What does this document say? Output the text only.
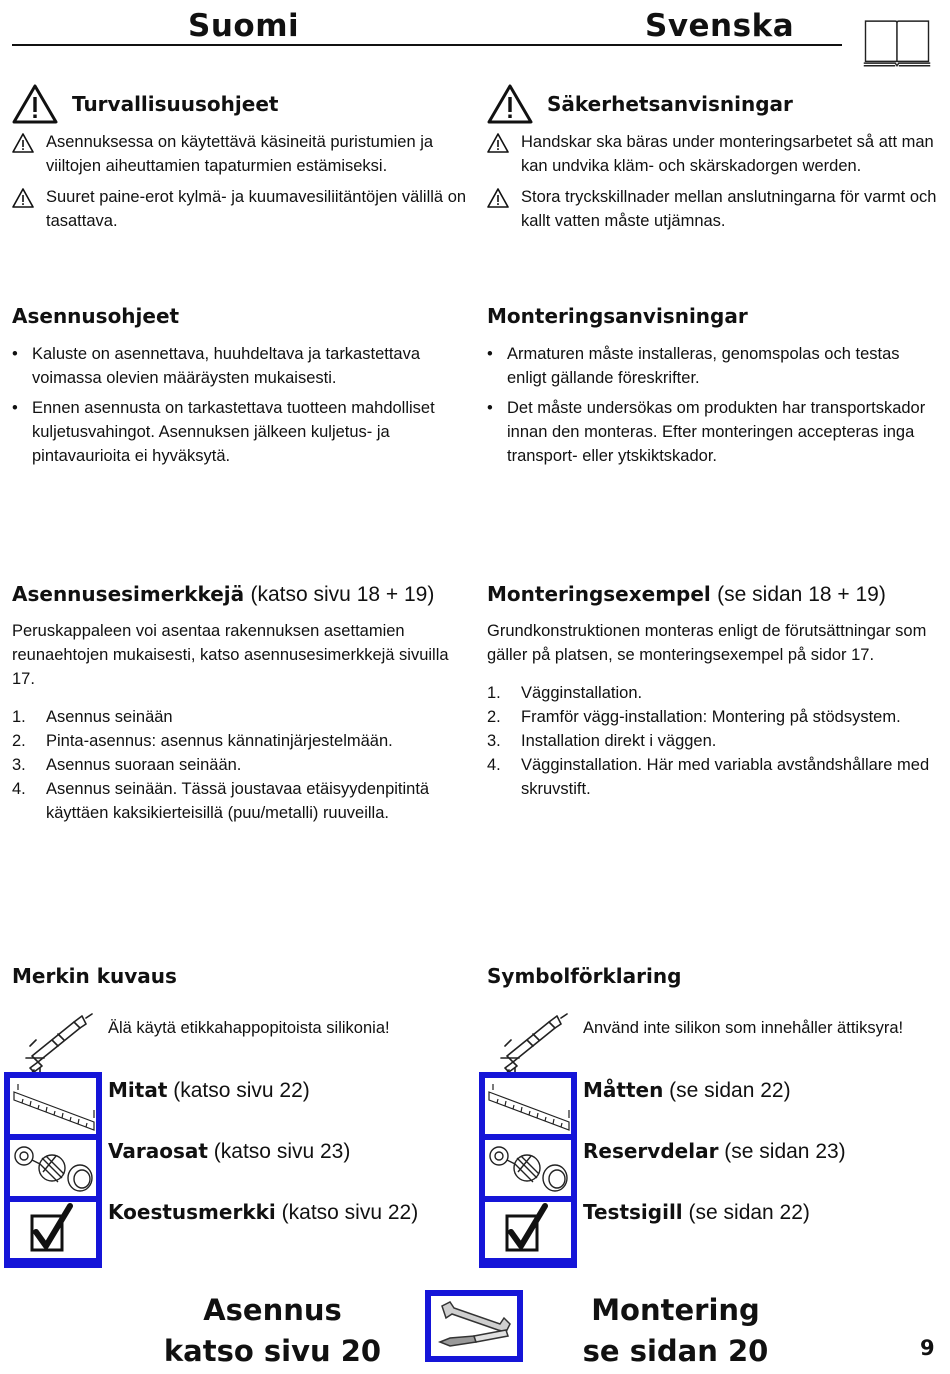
Suomi	Svenska
Turvallisuusohjeet
Asennuksessa on käytettävä käsineitä puristumien ja viiltojen aiheuttamien tapaturmien estämiseksi.
Suuret paine-erot kylmä- ja kuumavesiliitäntöjen välillä on tasattava.
Asennusohjeet
• Kaluste on asennettava, huuhdeltava ja tarkastettava voimassa olevien määräysten mukaisesti.
• Ennen asennusta on tarkastettava tuotteen mahdolliset kuljetusvahingot. Asennuksen jälkeen kuljetus- ja pintavaurioita ei hyväksytä.
Asennusesimerkkejä (katso sivu 18 + 19)
Peruskappaleen voi asentaa rakennuksen asettamien reunaehtojen mukaisesti, katso asennusesimerkkejä sivuilla 17.
1.	Asennus seinään
2.	Pinta-asennus: asennus kännatinjärjestelmään.
3.	Asennus suoraan seinään.
4.	Asennus seinään. Tässä joustavaa etäisyydenpitintä käyttäen kaksikierteisillä (puu/metalli) ruuveilla.
Merkin kuvaus
Älä käytä etikkahappopitoista silikonia!
Mitat (katso sivu 22)
Varaosat (katso sivu 23)
Koestusmerkki (katso sivu 22)
Asennus
katso sivu 20
Säkerhetsanvisningar
Handskar ska bäras under monteringsarbetet så att man kan undvika kläm- och skärskadorgen werden.
Stora tryckskillnader mellan anslutningarna för varmt och kallt vatten måste utjämnas.
Monteringsanvisningar
• Armaturen måste installeras, genomspolas och testas enligt gällande föreskrifter.
• Det måste undersökas om produkten har transportskador innan den monteras. Efter monteringen accepteras inga transport- eller ytskiktskador.
Monteringsexempel (se sidan 18 + 19)
Grundkonstruktionen monteras enligt de förutsättningar som gäller på platsen, se monteringsexempel på sidor 17.
1.	Vägginstallation.
2.	Framför vägg-installation: Montering på stödsystem.
3.	Installation direkt i väggen.
4.	Vägginstallation. Här med variabla avståndshållare med skruvstift.
Symbolförklaring
Använd inte silikon som innehåller ättiksyra!
Måtten (se sidan 22)
Reservdelar (se sidan 23)
Testsigill (se sidan 22)
Montering
se sidan 20	9
